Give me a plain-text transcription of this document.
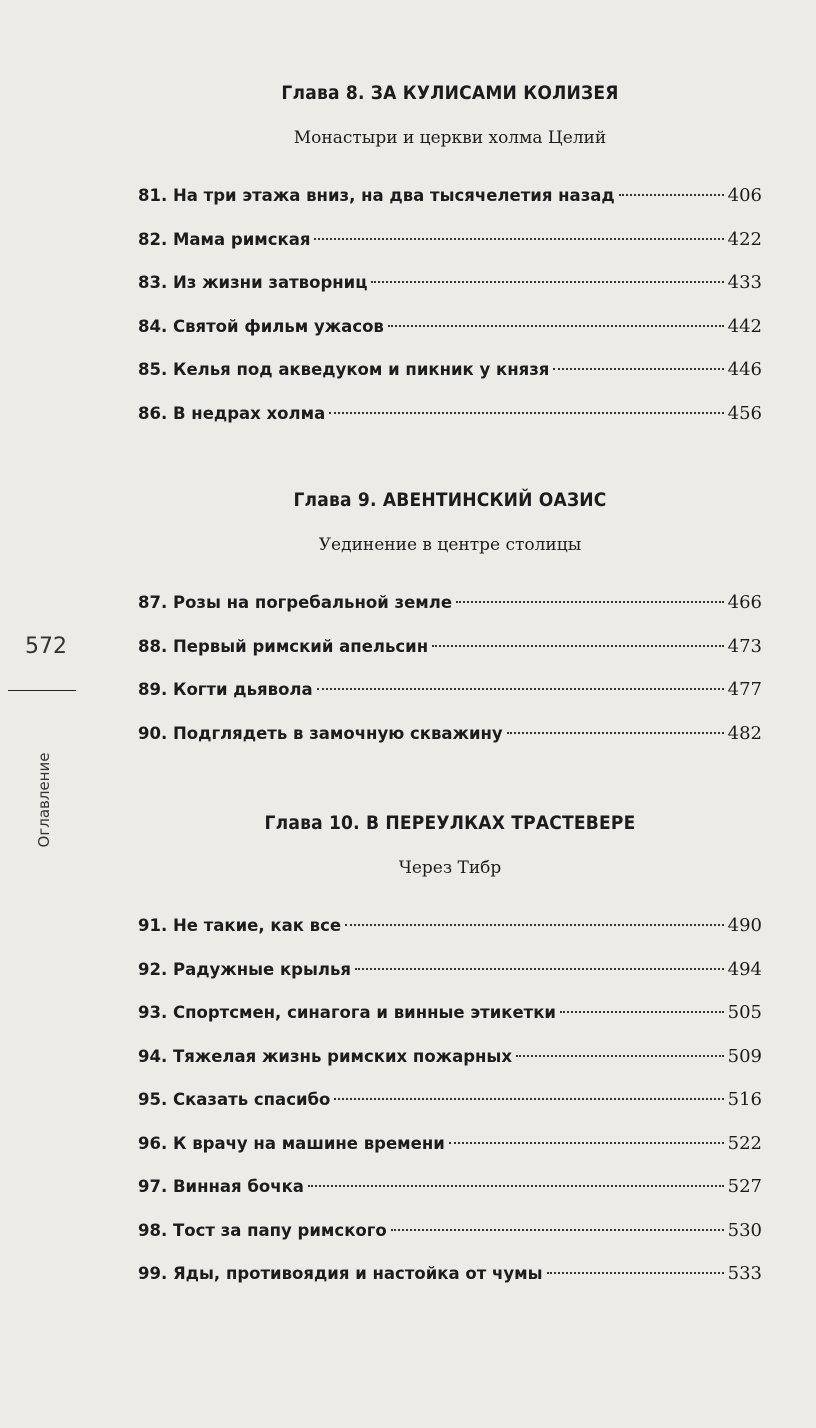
572
Оглавление
Глава 8. ЗА КУЛИСАМИ КОЛИЗЕЯ
Монастыри и церкви холма Целий
81. На три этажа вниз, на два тысячелетия назад	406
82. Мама римская	422
83. Из жизни затворниц	433
84. Святой фильм ужасов	442
85. Келья под акведуком и пикник у князя	446
86. В недрах холма	456
Глава 9. АВЕНТИНСКИЙ ОАЗИС
Уединение в центре столицы
87. Розы на погребальной земле	466
88. Первый римский апельсин	473
89. Когти дьявола	477
90. Подглядеть в замочную скважину	482
Глава 10. В ПЕРЕУЛКАХ ТРАСТЕВЕРЕ
Через Тибр
91. Не такие, как все	490
92. Радужные крылья	494
93. Спортсмен, синагога и винные этикетки	505
94. Тяжелая жизнь римских пожарных	509
95. Сказать спасибо	516
96. К врачу на машине времени	522
97. Винная бочка	527
98. Тост за папу римского	530
99. Яды, противоядия и настойка от чумы	533
